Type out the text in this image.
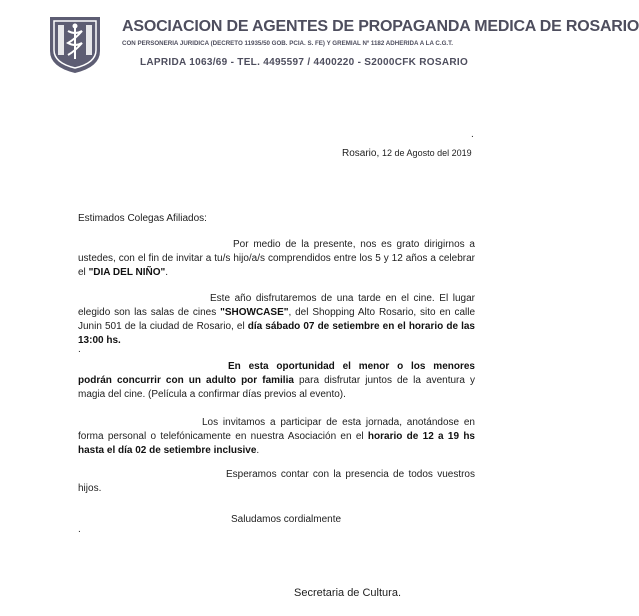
ASOCIACION DE AGENTES DE PROPAGANDA MEDICA DE ROSARIO
CON PERSONERIA JURIDICA (DECRETO 11935/50 GOB. PCIA. S. FE) Y GREMIAL Nº 1182 ADHERIDA A LA C.G.T.
LAPRIDA 1063/69 - TEL. 4495597 / 4400220 - S2000CFK ROSARIO
.
Rosario, 12 de Agosto del 2019
Estimados Colegas Afiliados:
Por medio de la presente, nos es grato dirigirnos a ustedes, con el fin de invitar a tu/s hijo/a/s comprendidos entre los 5 y 12 años a celebrar el "DIA DEL NIÑO".
Este año disfrutaremos de una tarde en el cine. El lugar elegido son las salas de cines "SHOWCASE", del Shopping Alto Rosario, sito en calle Junin 501 de la ciudad de Rosario, el día sábado 07 de setiembre en el horario de las 13:00 hs.
.
En esta oportunidad el menor o los menores podrán concurrir con un adulto por familia para disfrutar juntos de la aventura y magia del cine. (Película a confirmar días previos al evento).
Los invitamos a participar de esta jornada, anotándose en forma personal o telefónicamente en nuestra Asociación en el horario de 12 a 19 hs hasta el día 02 de setiembre inclusive.
Esperamos contar con la presencia de todos vuestros hijos.
Saludamos cordialmente
.
Secretaria de Cultura.
